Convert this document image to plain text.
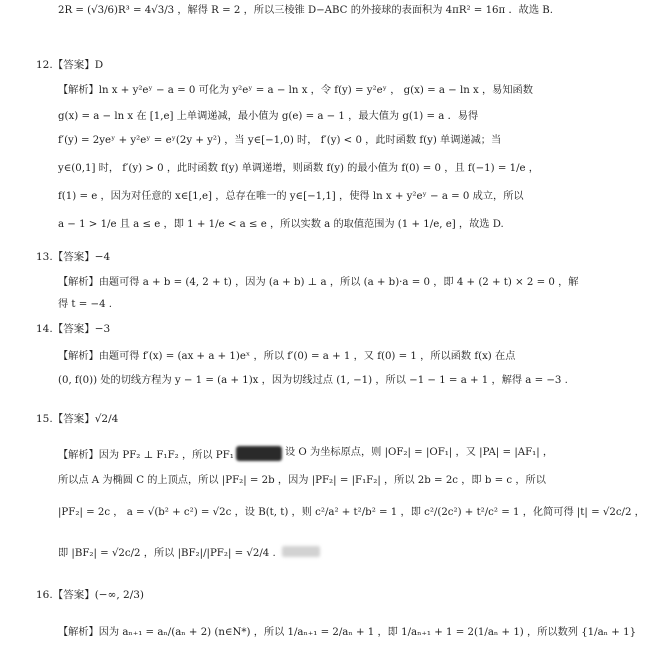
2R = (√3/6)R³ = 4√3/3 ，解得 R = 2 ，所以三棱锥 D−ABC 的外接球的表面积为 4πR² = 16π ．故选 B.
12.【答案】D
【解析】ln x + y²eʸ − a = 0 可化为 y²eʸ = a − ln x ，令 f(y) = y²eʸ ， g(x) = a − ln x ，易知函数
g(x) = a − ln x 在 [1,e] 上单调递减，最小值为 g(e) = a − 1 ，最大值为 g(1) = a ．易得
f′(y) = 2yeʸ + y²eʸ = eʸ(2y + y²) ，当 y∈[−1,0) 时， f′(y) < 0 ，此时函数 f(y) 单调递减；当
y∈(0,1] 时， f′(y) > 0 ，此时函数 f(y) 单调递增，则函数 f(y) 的最小值为 f(0) = 0 ，且 f(−1) = 1/e ，
f(1) = e ，因为对任意的 x∈[1,e] ，总存在唯一的 y∈[−1,1] ，使得 ln x + y²eʸ − a = 0 成立，所以
a − 1 > 1/e 且 a ≤ e ，即 1 + 1/e < a ≤ e ，所以实数 a 的取值范围为 (1 + 1/e, e] ，故选 D.
13.【答案】−4
【解析】由题可得 a + b = (4, 2 + t) ，因为 (a + b) ⊥ a ，所以 (a + b)·a = 0 ，即 4 + (2 + t) × 2 = 0 ，解
得 t = −4 .
14.【答案】−3
【解析】由题可得 f′(x) = (ax + a + 1)eˣ ，所以 f′(0) = a + 1 ，又 f(0) = 1 ，所以函数 f(x) 在点
(0, f(0)) 处的切线方程为 y − 1 = (a + 1)x ，因为切线过点 (1, −1) ，所以 −1 − 1 = a + 1 ，解得 a = −3 .
15.【答案】√2/4
【解析】因为 PF₂ ⊥ F₁F₂ ，所以 PF₁	设 O 为坐标原点，则 |OF₂| = |OF₁| ，又 |PA| = |AF₁| ，
所以点 A 为椭圆 C 的上顶点，所以 |PF₂| = 2b ，因为 |PF₂| = |F₁F₂| ，所以 2b = 2c ，即 b = c ，所以
|PF₂| = 2c ， a = √(b² + c²) = √2c ，设 B(t, t) ，则 c²/a² + t²/b² = 1 ，即 c²/(2c²) + t²/c² = 1 ，化简可得 |t| = √2c/2 ，
即 |BF₂| = √2c/2 ，所以 |BF₂|/|PF₂| = √2/4 .
16.【答案】(−∞, 2/3)
【解析】因为 aₙ₊₁ = aₙ/(aₙ + 2) (n∈N*) ，所以 1/aₙ₊₁ = 2/aₙ + 1 ，即 1/aₙ₊₁ + 1 = 2(1/aₙ + 1) ，所以数列 {1/aₙ + 1}
